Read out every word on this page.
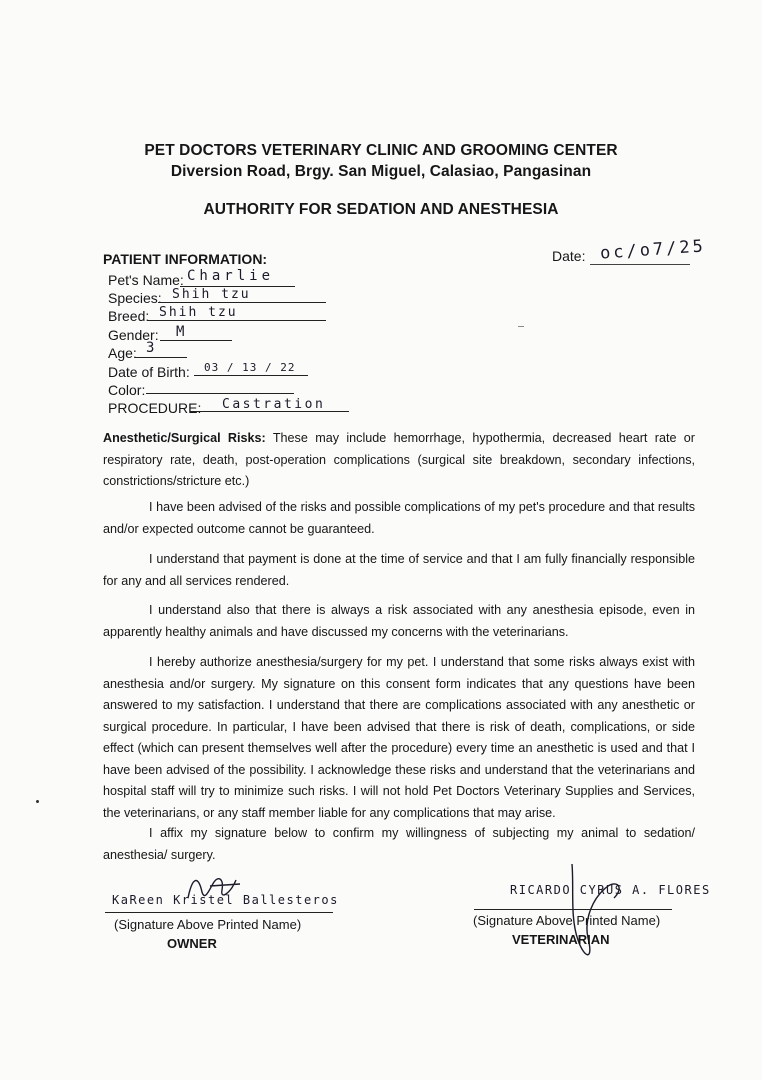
PET DOCTORS VETERINARY CLINIC AND GROOMING CENTER
Diversion Road, Brgy. San Miguel, Calasiao, Pangasinan
AUTHORITY FOR SEDATION AND ANESTHESIA
Date: oc/o7/25
PATIENT INFORMATION:
Pet's Name: Charlie
Species: Shih tzu
Breed: Shih tzu
Gender: M
Age: 3
Date of Birth: 03 / 13 / 22
Color:
PROCEDURE: Castration
Anesthetic/Surgical Risks: These may include hemorrhage, hypothermia, decreased heart rate or respiratory rate, death, post-operation complications (surgical site breakdown, secondary infections, constrictions/stricture etc.)
I have been advised of the risks and possible complications of my pet's procedure and that results and/or expected outcome cannot be guaranteed.
I understand that payment is done at the time of service and that I am fully financially responsible for any and all services rendered.
I understand also that there is always a risk associated with any anesthesia episode, even in apparently healthy animals and have discussed my concerns with the veterinarians.
I hereby authorize anesthesia/surgery for my pet. I understand that some risks always exist with anesthesia and/or surgery. My signature on this consent form indicates that any questions have been answered to my satisfaction. I understand that there are complications associated with any anesthetic or surgical procedure. In particular, I have been advised that there is risk of death, complications, or side effect (which can present themselves well after the procedure) every time an anesthetic is used and that I have been advised of the possibility. I acknowledge these risks and understand that the veterinarians and hospital staff will try to minimize such risks. I will not hold Pet Doctors Veterinary Supplies and Services, the veterinarians, or any staff member liable for any complications that may arise.
I affix my signature below to confirm my willingness of subjecting my animal to sedation/ anesthesia/ surgery.
KaReen Kristel Ballesteros
(Signature Above Printed Name)
OWNER
RICARDO CYRUS A. FLORES
(Signature Above Printed Name)
VETERINARIAN
